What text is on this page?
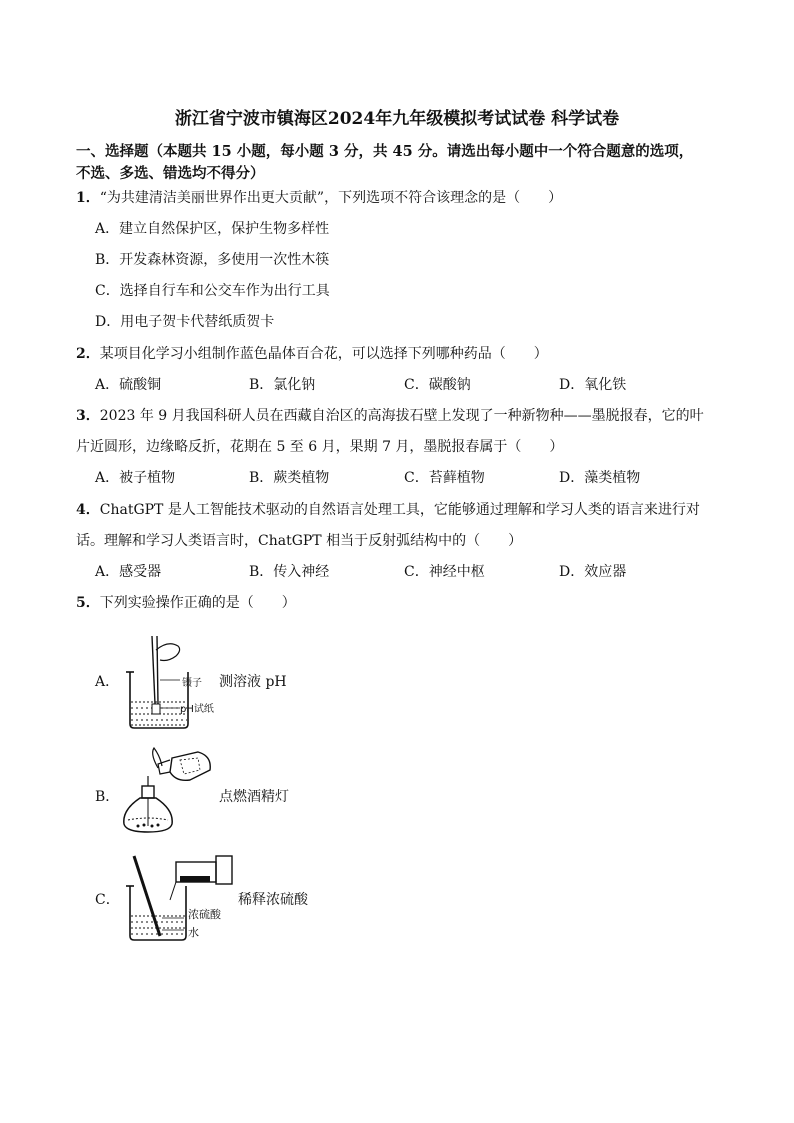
浙江省宁波市镇海区2024年九年级模拟考试试卷 科学试卷
一、选择题（本题共 15 小题，每小题 3 分，共 45 分。请选出每小题中一个符合题意的选项，
不选、多选、错选均不得分）
1．“为共建清洁美丽世界作出更大贡献”，下列选项不符合该理念的是（　　）
A．建立自然保护区，保护生物多样性
B．开发森林资源，多使用一次性木筷
C．选择自行车和公交车作为出行工具
D．用电子贺卡代替纸质贺卡
2．某项目化学习小组制作蓝色晶体百合花，可以选择下列哪种药品（　　）
A．硫酸铜	B．氯化钠	C．碳酸钠	D．氧化铁
3．2023 年 9 月我国科研人员在西藏自治区的高海拔石壁上发现了一种新物种——墨脱报春，它的叶
片近圆形，边缘略反折，花期在 5 至 6 月，果期 7 月，墨脱报春属于（　　）
A．被子植物	B．蕨类植物	C．苔藓植物	D．藻类植物
4．ChatGPT 是人工智能技术驱动的自然语言处理工具，它能够通过理解和学习人类的语言来进行对
话。理解和学习人类语言时，ChatGPT 相当于反射弧结构中的（　　）
A．感受器	B．传入神经	C．神经中枢	D．效应器
5．下列实验操作正确的是（　　）
A．	镊子
pH试纸
测溶液 pH
B．	点燃酒精灯
C．
浓硫酸
水
稀释浓硫酸
